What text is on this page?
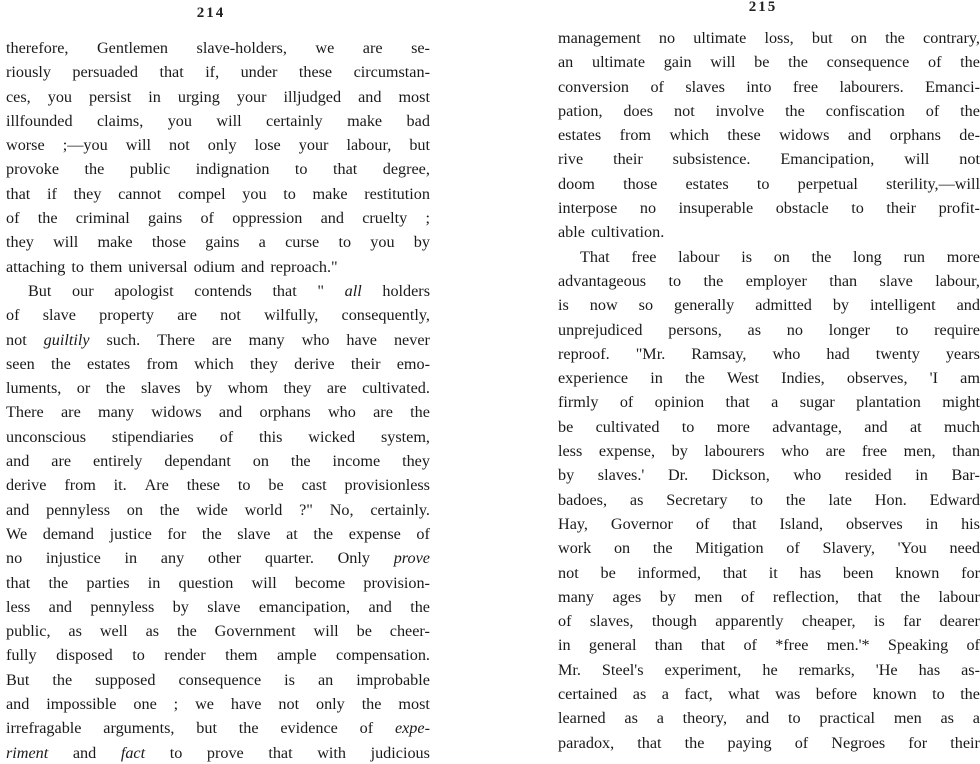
214
therefore, Gentlemen slave-holders, we are se-
riously persuaded that if, under these circumstan-
ces, you persist in urging your illjudged and most
illfounded claims, you will certainly make bad
worse ;—you will not only lose your labour, but
provoke the public indignation to that degree,
that if they cannot compel you to make restitution
of the criminal gains of oppression and cruelty ;
they will make those gains a curse to you by
attaching to them universal odium and reproach."
But our apologist contends that " all holders
of slave property are not wilfully, consequently,
not guiltily such. There are many who have never
seen the estates from which they derive their emo-
luments, or the slaves by whom they are cultivated.
There are many widows and orphans who are the
unconscious stipendiaries of this wicked system,
and are entirely dependant on the income they
derive from it. Are these to be cast provisionless
and pennyless on the wide world ?" No, certainly.
We demand justice for the slave at the expense of
no injustice in any other quarter. Only prove
that the parties in question will become provision-
less and pennyless by slave emancipation, and the
public, as well as the Government will be cheer-
fully disposed to render them ample compensation.
But the supposed consequence is an improbable
and impossible one ; we have not only the most
irrefragable arguments, but the evidence of expe-
riment and fact to prove that with judicious
215
management no ultimate loss, but on the contrary,
an ultimate gain will be the consequence of the
conversion of slaves into free labourers. Emanci-
pation, does not involve the confiscation of the
estates from which these widows and orphans de-
rive their subsistence. Emancipation, will not
doom those estates to perpetual sterility,—will
interpose no insuperable obstacle to their profit-
able cultivation.
That free labour is on the long run more
advantageous to the employer than slave labour,
is now so generally admitted by intelligent and
unprejudiced persons, as no longer to require
reproof. "Mr. Ramsay, who had twenty years
experience in the West Indies, observes, 'I am
firmly of opinion that a sugar plantation might
be cultivated to more advantage, and at much
less expense, by labourers who are free men, than
by slaves.' Dr. Dickson, who resided in Bar-
badoes, as Secretary to the late Hon. Edward
Hay, Governor of that Island, observes in his
work on the Mitigation of Slavery, 'You need
not be informed, that it has been known for
many ages by men of reflection, that the labour
of slaves, though apparently cheaper, is far dearer
in general than that of *free men.'* Speaking of
Mr. Steel's experiment, he remarks, 'He has as-
certained as a fact, what was before known to the
learned as a theory, and to practical men as a
paradox, that the paying of Negroes for their
